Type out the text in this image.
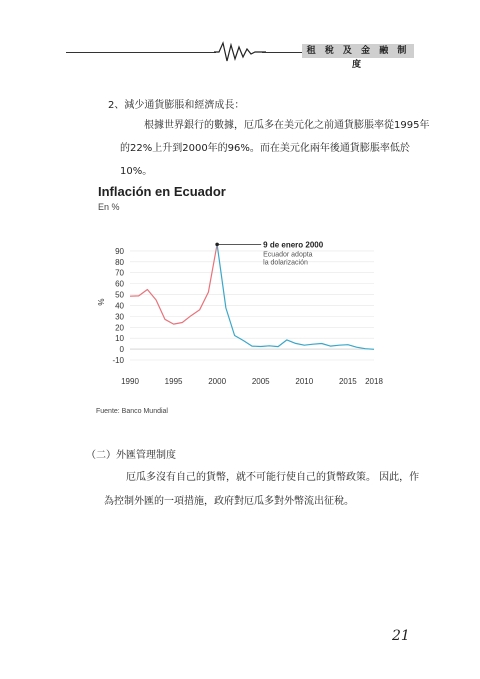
租 稅 及 金 融 制 度
2、減少通貨膨脹和經濟成長：
根據世界銀行的數據，厄瓜多在美元化之前通貨膨脹率從1995年
的22%上升到2000年的96%。而在美元化兩年後通貨膨脹率低於
10%。
Inflación en Ecuador
En %
%
90
80
70
60
50
40
30
20
10
0
-10
1990	1995	2000	2005	2010	2015 2018
9 de enero 2000
Ecuador adopta
la dolarización
Fuente: Banco Mundial
（二）外匯管理制度
厄瓜多沒有自己的貨幣，就不可能行使自己的貨幣政策。 因此，作
為控制外匯的一項措施，政府對厄瓜多對外幣流出征稅。
21
